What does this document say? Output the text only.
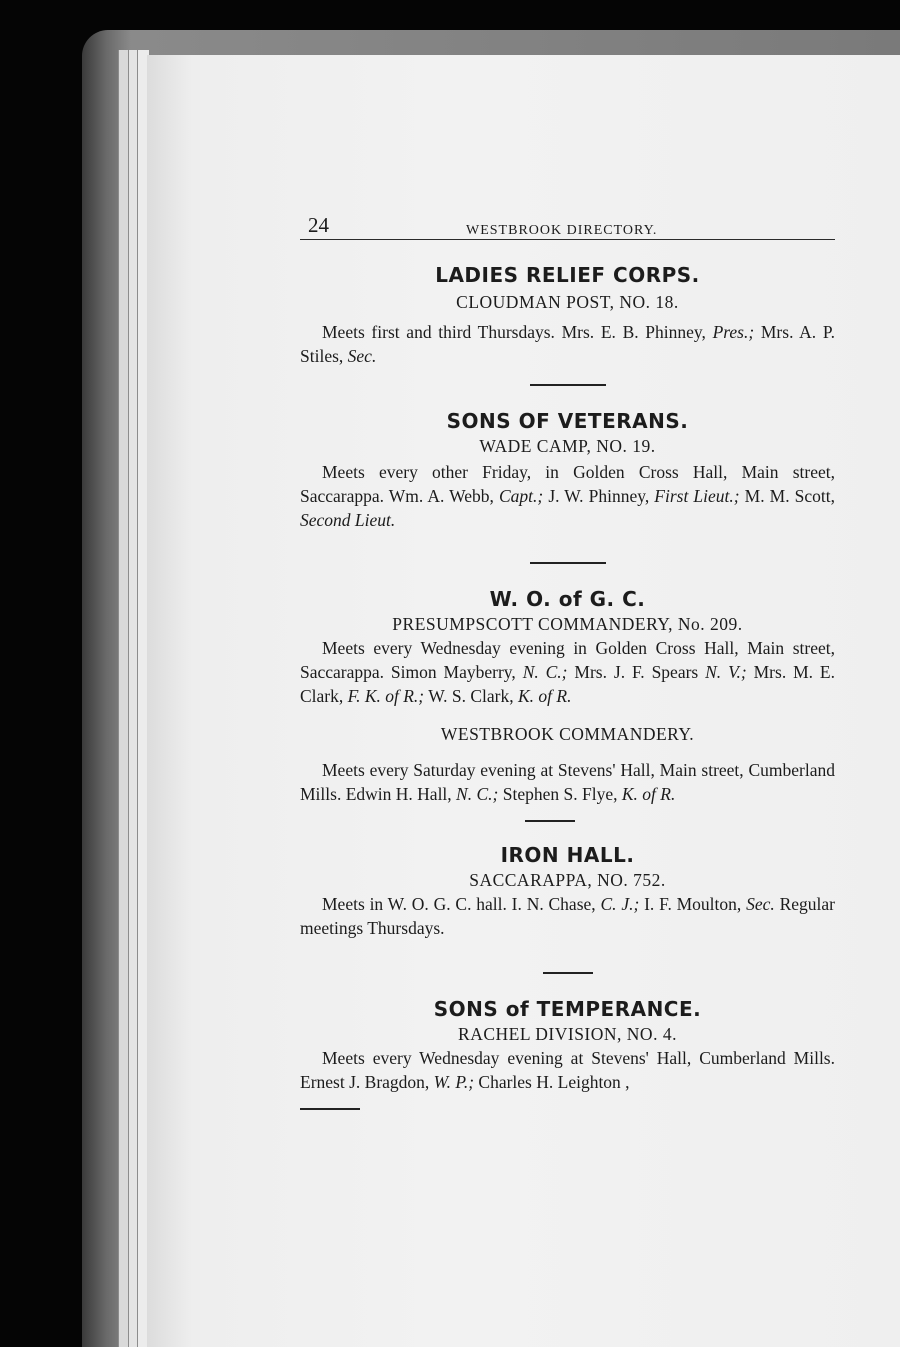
24	WESTBROOK DIRECTORY.
LADIES RELIEF CORPS.
CLOUDMAN POST, NO. 18.

Meets first and third Thursdays. Mrs. E. B. Phinney, Pres.; Mrs. A. P. Stiles, Sec.

SONS OF VETERANS.
WADE CAMP, NO. 19.

Meets every other Friday, in Golden Cross Hall, Main street, Saccarappa. Wm. A. Webb, Capt.; J. W. Phinney, First Lieut.; M. M. Scott, Second Lieut.

W. O. of G. C.
PRESUMPSCOTT COMMANDERY, No. 209.

Meets every Wednesday evening in Golden Cross Hall, Main street, Saccarappa. Simon Mayberry, N. C.; Mrs. J. F. Spears N. V.; Mrs. M. E. Clark, F. K. of R.; W. S. Clark, K. of R.

WESTBROOK COMMANDERY.

Meets every Saturday evening at Stevens' Hall, Main street, Cumberland Mills. Edwin H. Hall, N. C.; Stephen S. Flye, K. of R.

IRON HALL.
SACCARAPPA, NO. 752.

Meets in W. O. G. C. hall. I. N. Chase, C. J.; I. F. Moulton, Sec. Regular meetings Thursdays.

SONS of TEMPERANCE.
RACHEL DIVISION, NO. 4.

Meets every Wednesday evening at Stevens' Hall, Cumberland Mills. Ernest J. Bragdon, W. P.; Charles H. Leighton ,
